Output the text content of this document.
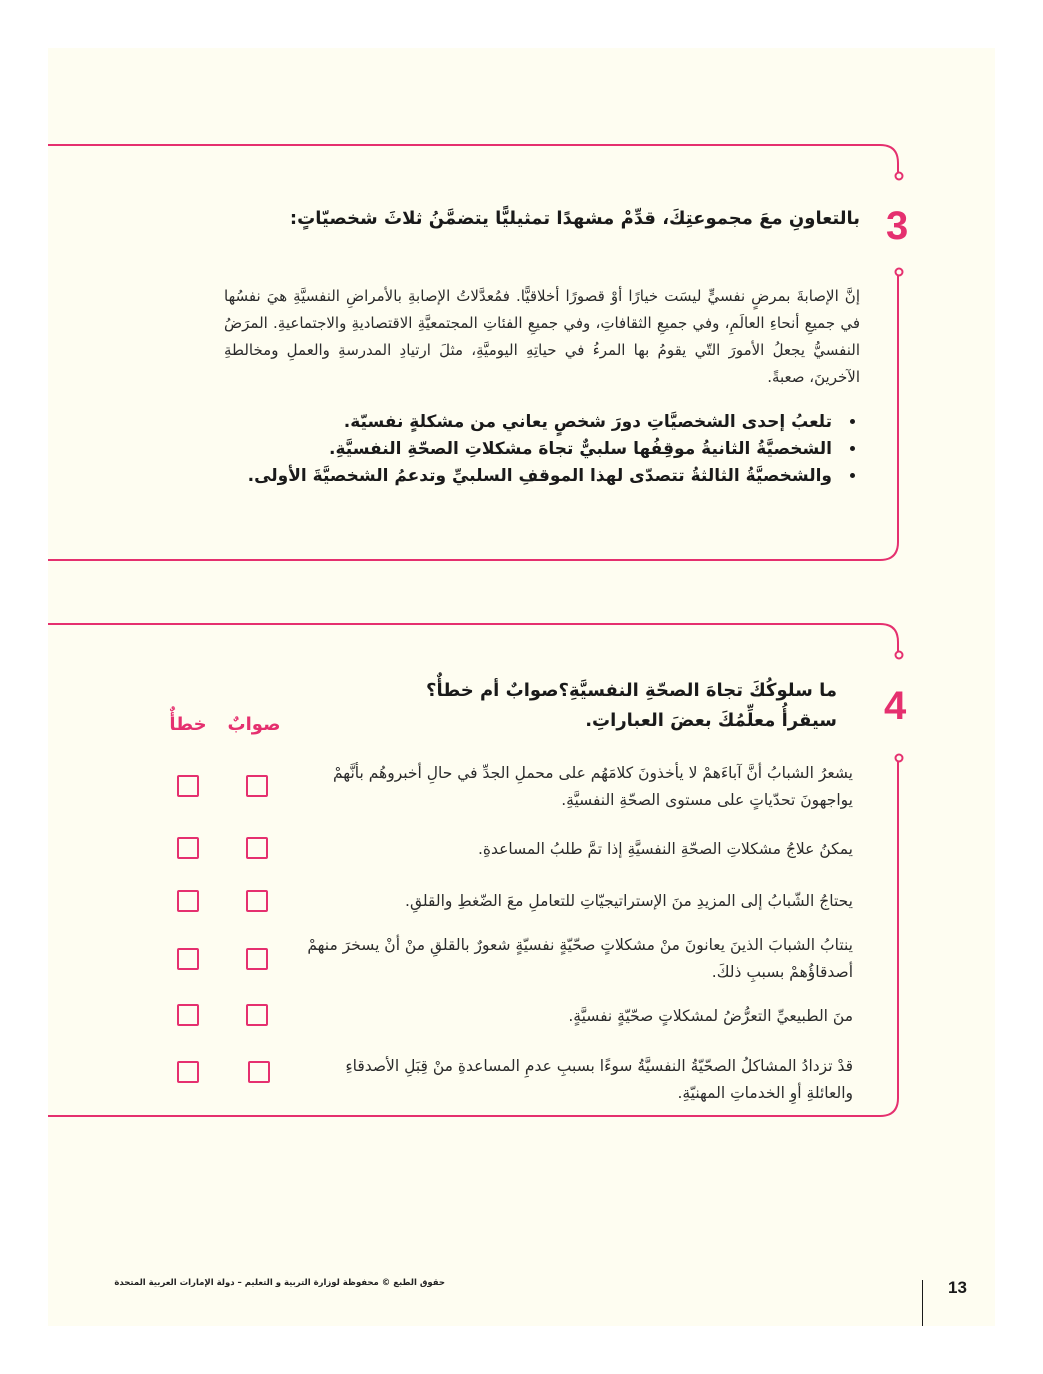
3
بالتعاونِ معَ مجموعتِكَ، قدِّمْ مشهدًا تمثيليًّا يتضمَّنُ ثلاثَ شخصيّاتٍ:
إنَّ الإصابةَ بمرضٍ نفسيٍّ ليسَت خيارًا أوْ قصورًا أخلاقيًّا. فمُعدَّلاتُ الإصابةِ بالأمراضِ النفسيَّةِ هيَ نفسُها في جميعِ أنحاءِ العالَمِ، وفي جميعِ الثقافاتِ، وفي جميعِ الفئاتِ المجتمعيَّةِ الاقتصاديةِ والاجتماعيةِ. المرَضُ النفسيُّ يجعلُ الأمورَ التّي يقومُ بها المرءُ في حياتِهِ اليوميَّةِ، مثلَ ارتيادِ المدرسةِ والعملِ ومخالطةِ الآخرينَ، صعبةً.
• تلعبُ إحدى الشخصيَّاتِ دورَ شخصٍ يعاني من مشكلةٍ نفسيّة.
• الشخصيَّةُ الثانيةُ موقِفُها سلبيٌّ تجاهَ مشكلاتِ الصحّةِ النفسيَّةِ.
• والشخصيَّةُ الثالثةُ تتصدّى لهذا الموقفِ السلبيِّ وتدعمُ الشخصيَّةَ الأولى.
4
ما سلوكُكَ تجاهَ الصحّةِ النفسيَّةِ؟صوابٌ أم خطأٌ؟
سيقرأُ معلِّمُكَ بعضَ العباراتِ.
صوابٌ
خطأٌ
يشعرُ الشبابُ أنَّ آباءَهمْ لا يأخذونَ كلامَهُم على محملِ الجدِّ في حالِ أخبروهُم بأنَّهمْ يواجهونَ تحدّياتٍ على مستوى الصحّةِ النفسيَّةِ.
يمكنُ علاجُ مشكلاتِ الصحّةِ النفسيَّةِ إذا تمَّ طلبُ المساعدةِ.
يحتاجُ الشّبابُ إلى المزيدِ منَ الإستراتيجيّاتِ للتعاملِ معَ الضّغطِ والقلقِ.
ينتابُ الشبابَ الذينَ يعانونَ منْ مشكلاتٍ صحّيّةٍ نفسيّةٍ شعورٌ بالقلقِ منْ أنْ يسخرَ منهمْ أصدقاؤُهمْ بسببِ ذلكَ.
منَ الطبيعيِّ التعرُّضُ لمشكلاتٍ صحّيّةٍ نفسيَّةٍ.
قدْ تزدادُ المشاكلُ الصحّيّةُ النفسيَّةُ سوءًا بسببِ عدمِ المساعدةِ منْ قِبَلِ الأصدقاءِ والعائلةِ أوِ الخدماتِ المهنيّةِ.
حقوق الطبع © محفوظة لوزارة التربية و التعليم – دولة الإمارات العربية المتحدة	13
